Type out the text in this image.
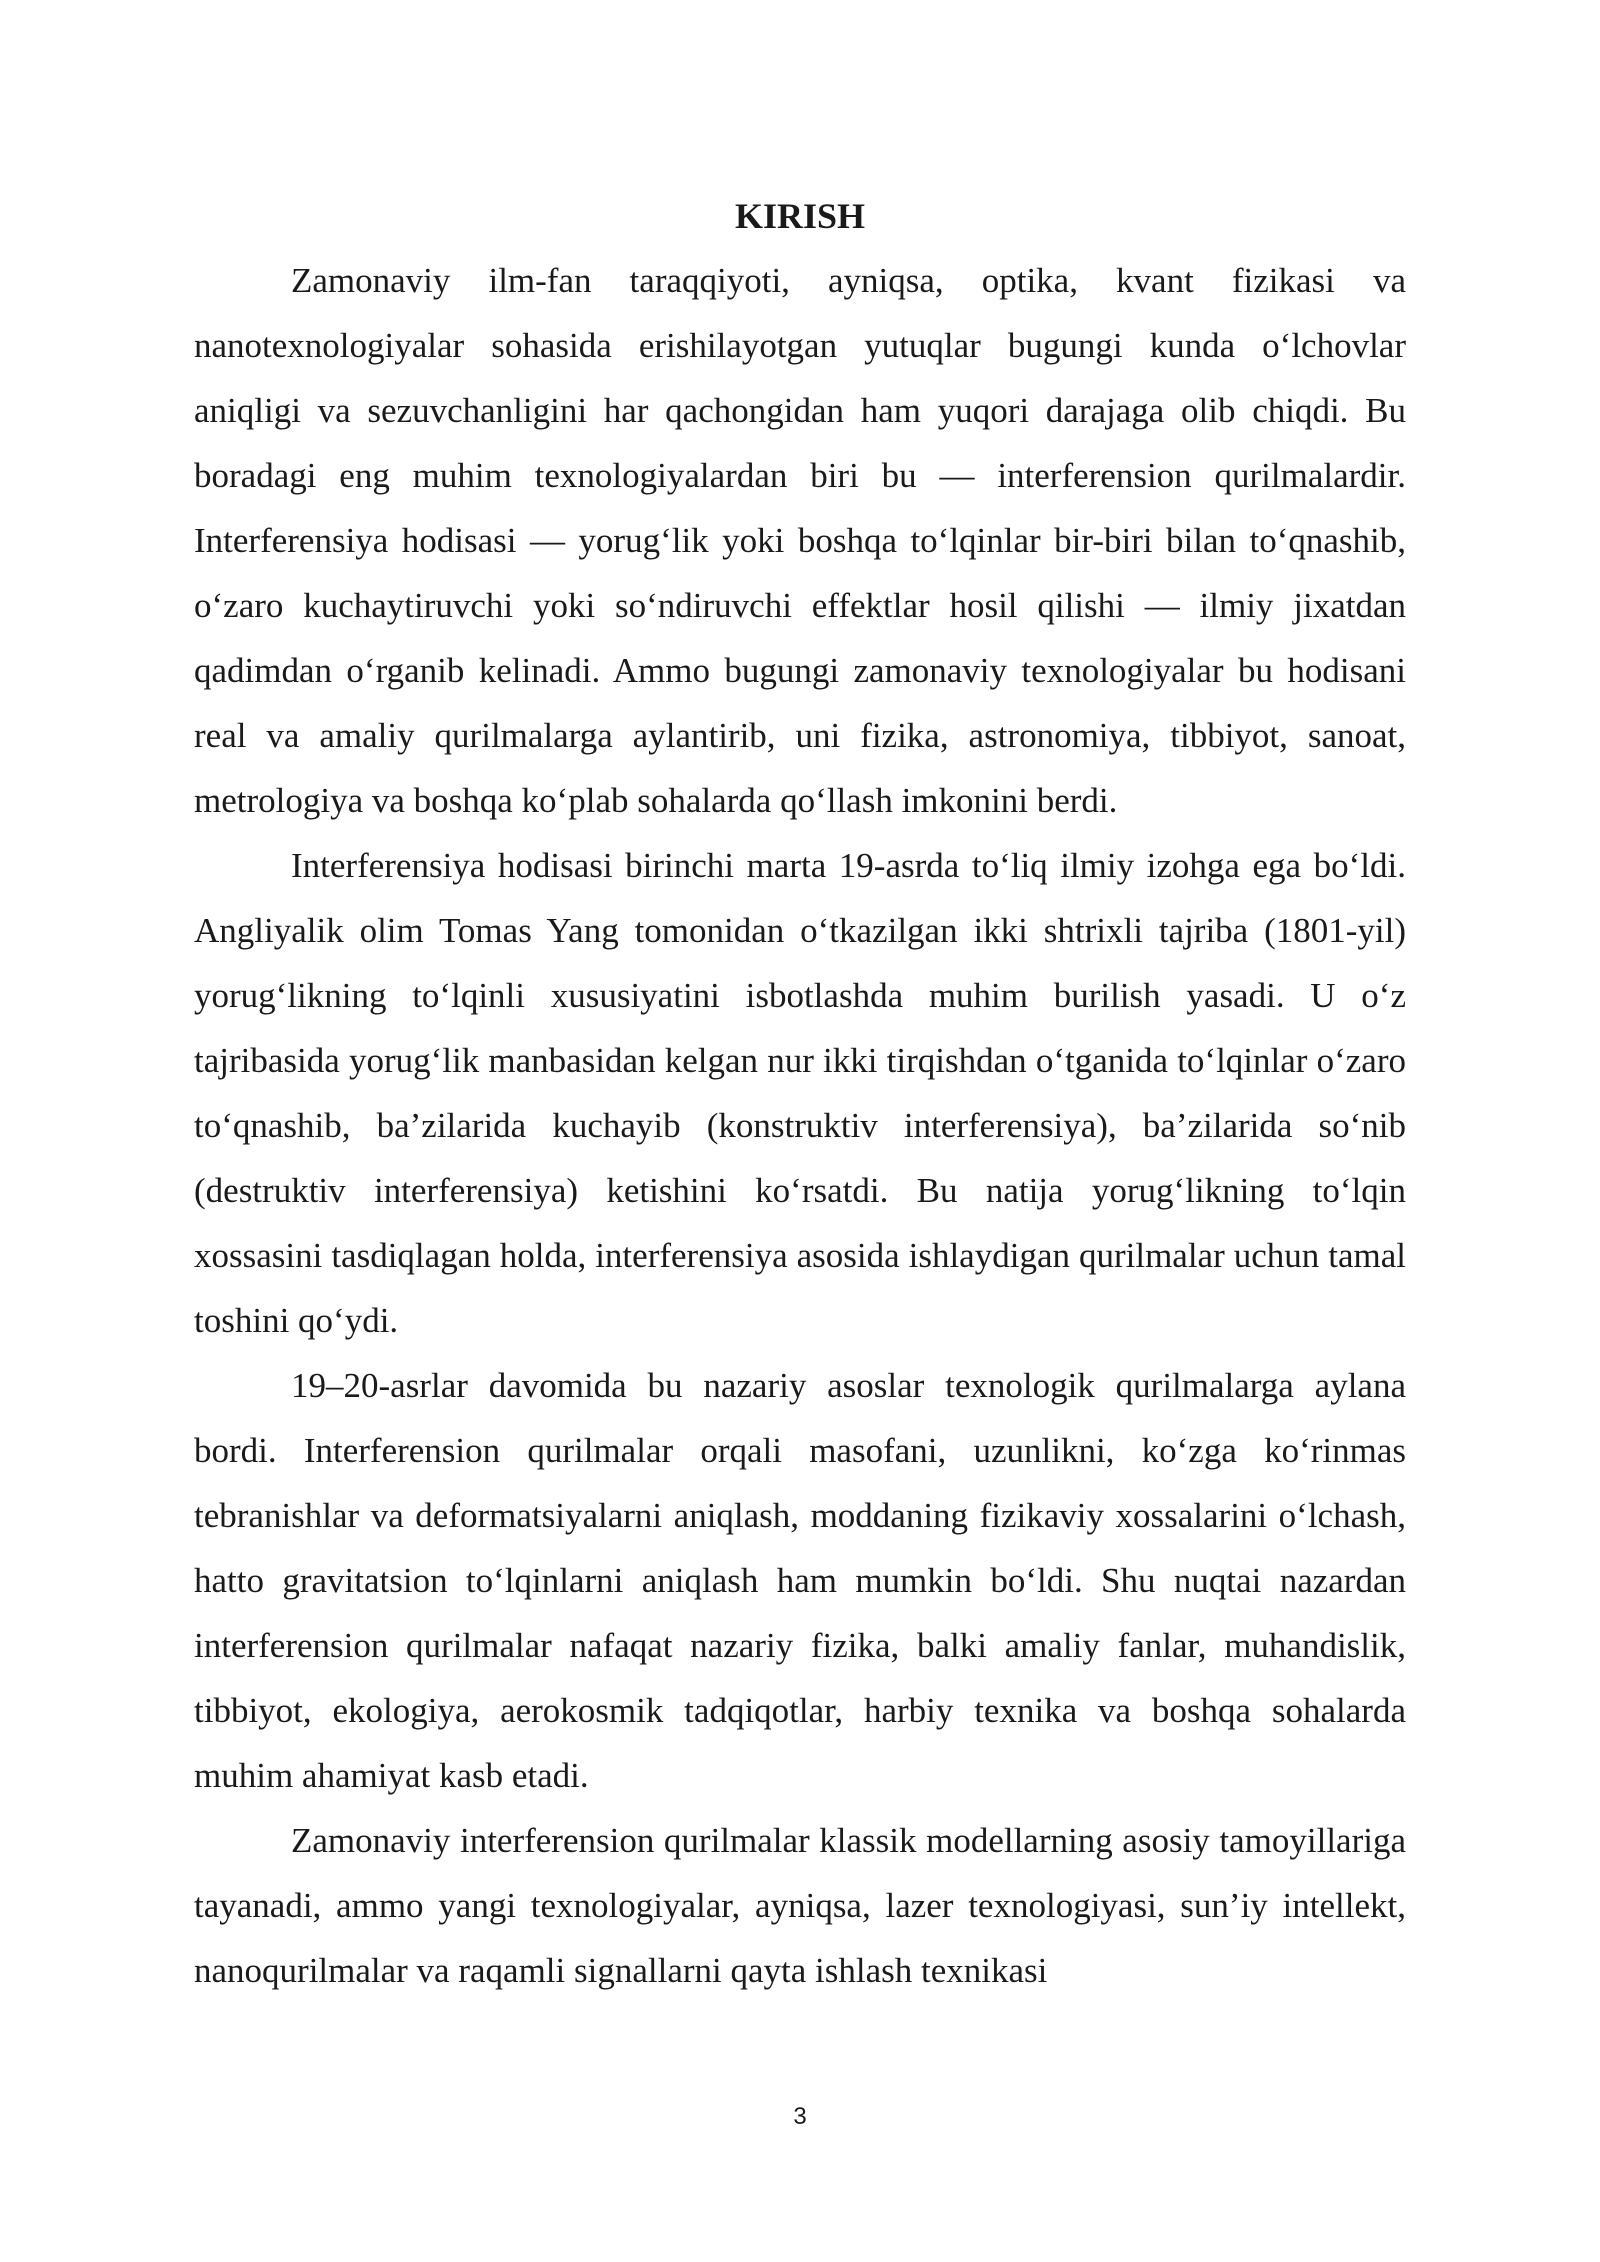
KIRISH

Zamonaviy ilm-fan taraqqiyoti, ayniqsa, optika, kvant fizikasi va nanotexnologiyalar sohasida erishilayotgan yutuqlar bugungi kunda o‘lchovlar aniqligi va sezuvchanligini har qachongidan ham yuqori darajaga olib chiqdi. Bu boradagi eng muhim texnologiyalardan biri bu — interferension qurilmalardir. Interferensiya hodisasi — yorug‘lik yoki boshqa to‘lqinlar bir-biri bilan to‘qnashib, o‘zaro kuchaytiruvchi yoki so‘ndiruvchi effektlar hosil qilishi — ilmiy jixatdan qadimdan o‘rganib kelinadi. Ammo bugungi zamonaviy texnologiyalar bu hodisani real va amaliy qurilmalarga aylantirib, uni fizika, astronomiya, tibbiyot, sanoat, metrologiya va boshqa ko‘plab sohalarda qo‘llash imkonini berdi.

Interferensiya hodisasi birinchi marta 19-asrda to‘liq ilmiy izohga ega bo‘ldi. Angliyalik olim Tomas Yang tomonidan o‘tkazilgan ikki shtrixli tajriba (1801-yil) yorug‘likning to‘lqinli xususiyatini isbotlashda muhim burilish yasadi. U o‘z tajribasida yorug‘lik manbasidan kelgan nur ikki tirqishdan o‘tganida to‘lqinlar o‘zaro to‘qnashib, ba’zilarida kuchayib (konstruktiv interferensiya), ba’zilarida so‘nib (destruktiv interferensiya) ketishini ko‘rsatdi. Bu natija yorug‘likning to‘lqin xossasini tasdiqlagan holda, interferensiya asosida ishlaydigan qurilmalar uchun tamal toshini qo‘ydi.

19–20-asrlar davomida bu nazariy asoslar texnologik qurilmalarga aylana bordi. Interferension qurilmalar orqali masofani, uzunlikni, ko‘zga ko‘rinmas tebranishlar va deformatsiyalarni aniqlash, moddaning fizikaviy xossalarini o‘lchash, hatto gravitatsion to‘lqinlarni aniqlash ham mumkin bo‘ldi. Shu nuqtai nazardan interferension qurilmalar nafaqat nazariy fizika, balki amaliy fanlar, muhandislik, tibbiyot, ekologiya, aerokosmik tadqiqotlar, harbiy texnika va boshqa sohalarda muhim ahamiyat kasb etadi.

Zamonaviy interferension qurilmalar klassik modellarning asosiy tamoyillariga tayanadi, ammo yangi texnologiyalar, ayniqsa, lazer texnologiyasi, sun’iy intellekt, nanoqurilmalar va raqamli signallarni qayta ishlash texnikasi

3
